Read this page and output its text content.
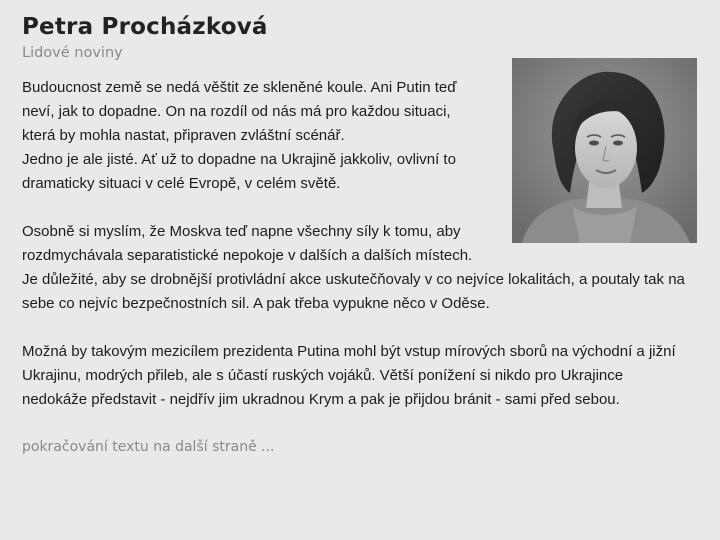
Petra Procházková
Lidové noviny

Budoucnost země se nedá věštit ze skleněné koule. Ani Putin teď

neví, jak to dopadne. On na rozdíl od nás má pro každou situaci,

která by mohla nastat, připraven zvláštní scénář.

Jedno je ale jisté. Ať už to dopadne na Ukrajině jakkoliv, ovlivní to

dramaticky situaci v celé Evropě, v celém světě.

Osobně si myslím, že Moskva teď napne všechny síly k tomu, aby

rozdmychávala separatistické nepokoje v dalších a dalších místech.

Je důležité, aby se drobnější protivládní akce uskutečňovaly v co nejvíce lokalitách, a poutaly tak na

sebe co nejvíc bezpečnostních sil. A pak třeba vypukne něco v Oděse.

Možná by takovým mezicílem prezidenta Putina mohl být vstup mírových sborů na východní a jižní

Ukrajinu, modrých přileb, ale s účastí ruských vojáků. Větší ponížení si nikdo pro Ukrajince

nedokáže představit - nejdřív jim ukradnou Krym a pak je přijdou bránit - sami před sebou.

pokračování textu na další straně ...
